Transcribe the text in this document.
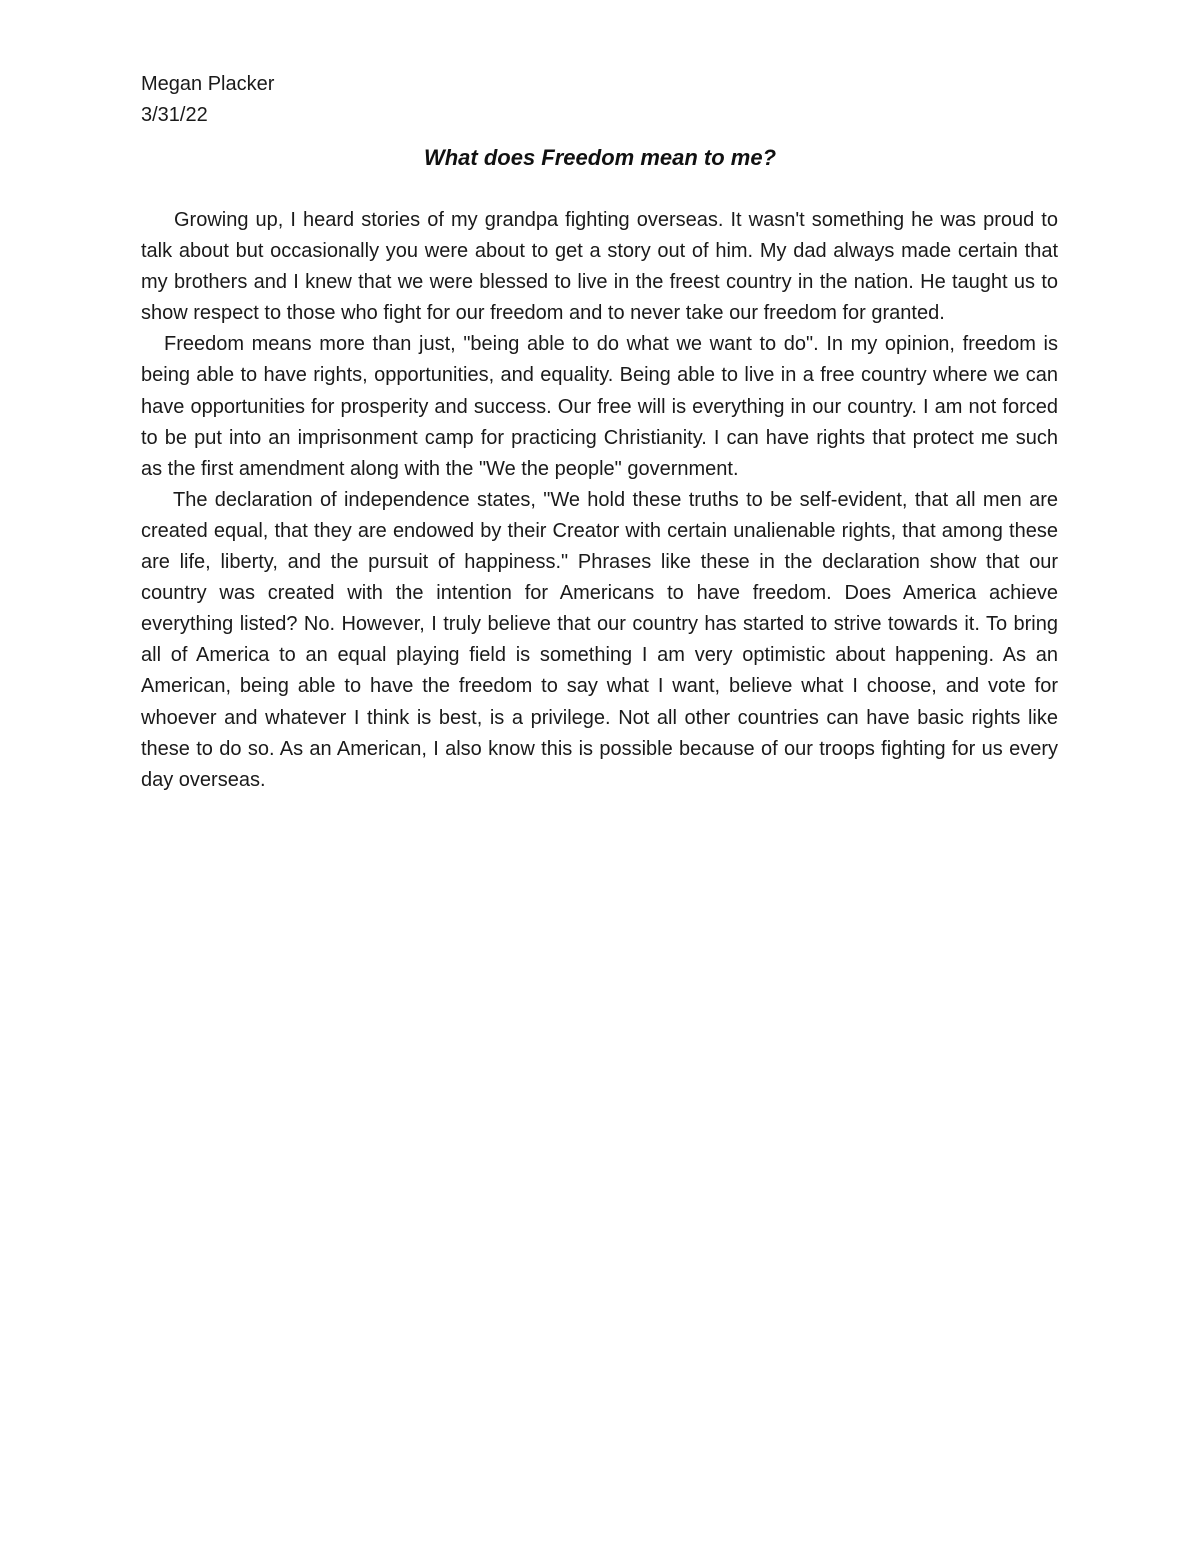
Megan Placker
3/31/22
What does Freedom mean to me?

Growing up, I heard stories of my grandpa fighting overseas. It wasn't something he was proud to talk about but occasionally you were about to get a story out of him. My dad always made certain that my brothers and I knew that we were blessed to live in the freest country in the nation. He taught us to show respect to those who fight for our freedom and to never take our freedom for granted.

Freedom means more than just, "being able to do what we want to do". In my opinion, freedom is being able to have rights, opportunities, and equality. Being able to live in a free country where we can have opportunities for prosperity and success. Our free will is everything in our country. I am not forced to be put into an imprisonment camp for practicing Christianity. I can have rights that protect me such as the first amendment along with the "We the people" government.

The declaration of independence states, "We hold these truths to be self-evident, that all men are created equal, that they are endowed by their Creator with certain unalienable rights, that among these are life, liberty, and the pursuit of happiness." Phrases like these in the declaration show that our country was created with the intention for Americans to have freedom. Does America achieve everything listed? No. However, I truly believe that our country has started to strive towards it. To bring all of America to an equal playing field is something I am very optimistic about happening. As an American, being able to have the freedom to say what I want, believe what I choose, and vote for whoever and whatever I think is best, is a privilege. Not all other countries can have basic rights like these to do so. As an American, I also know this is possible because of our troops fighting for us every day overseas.
